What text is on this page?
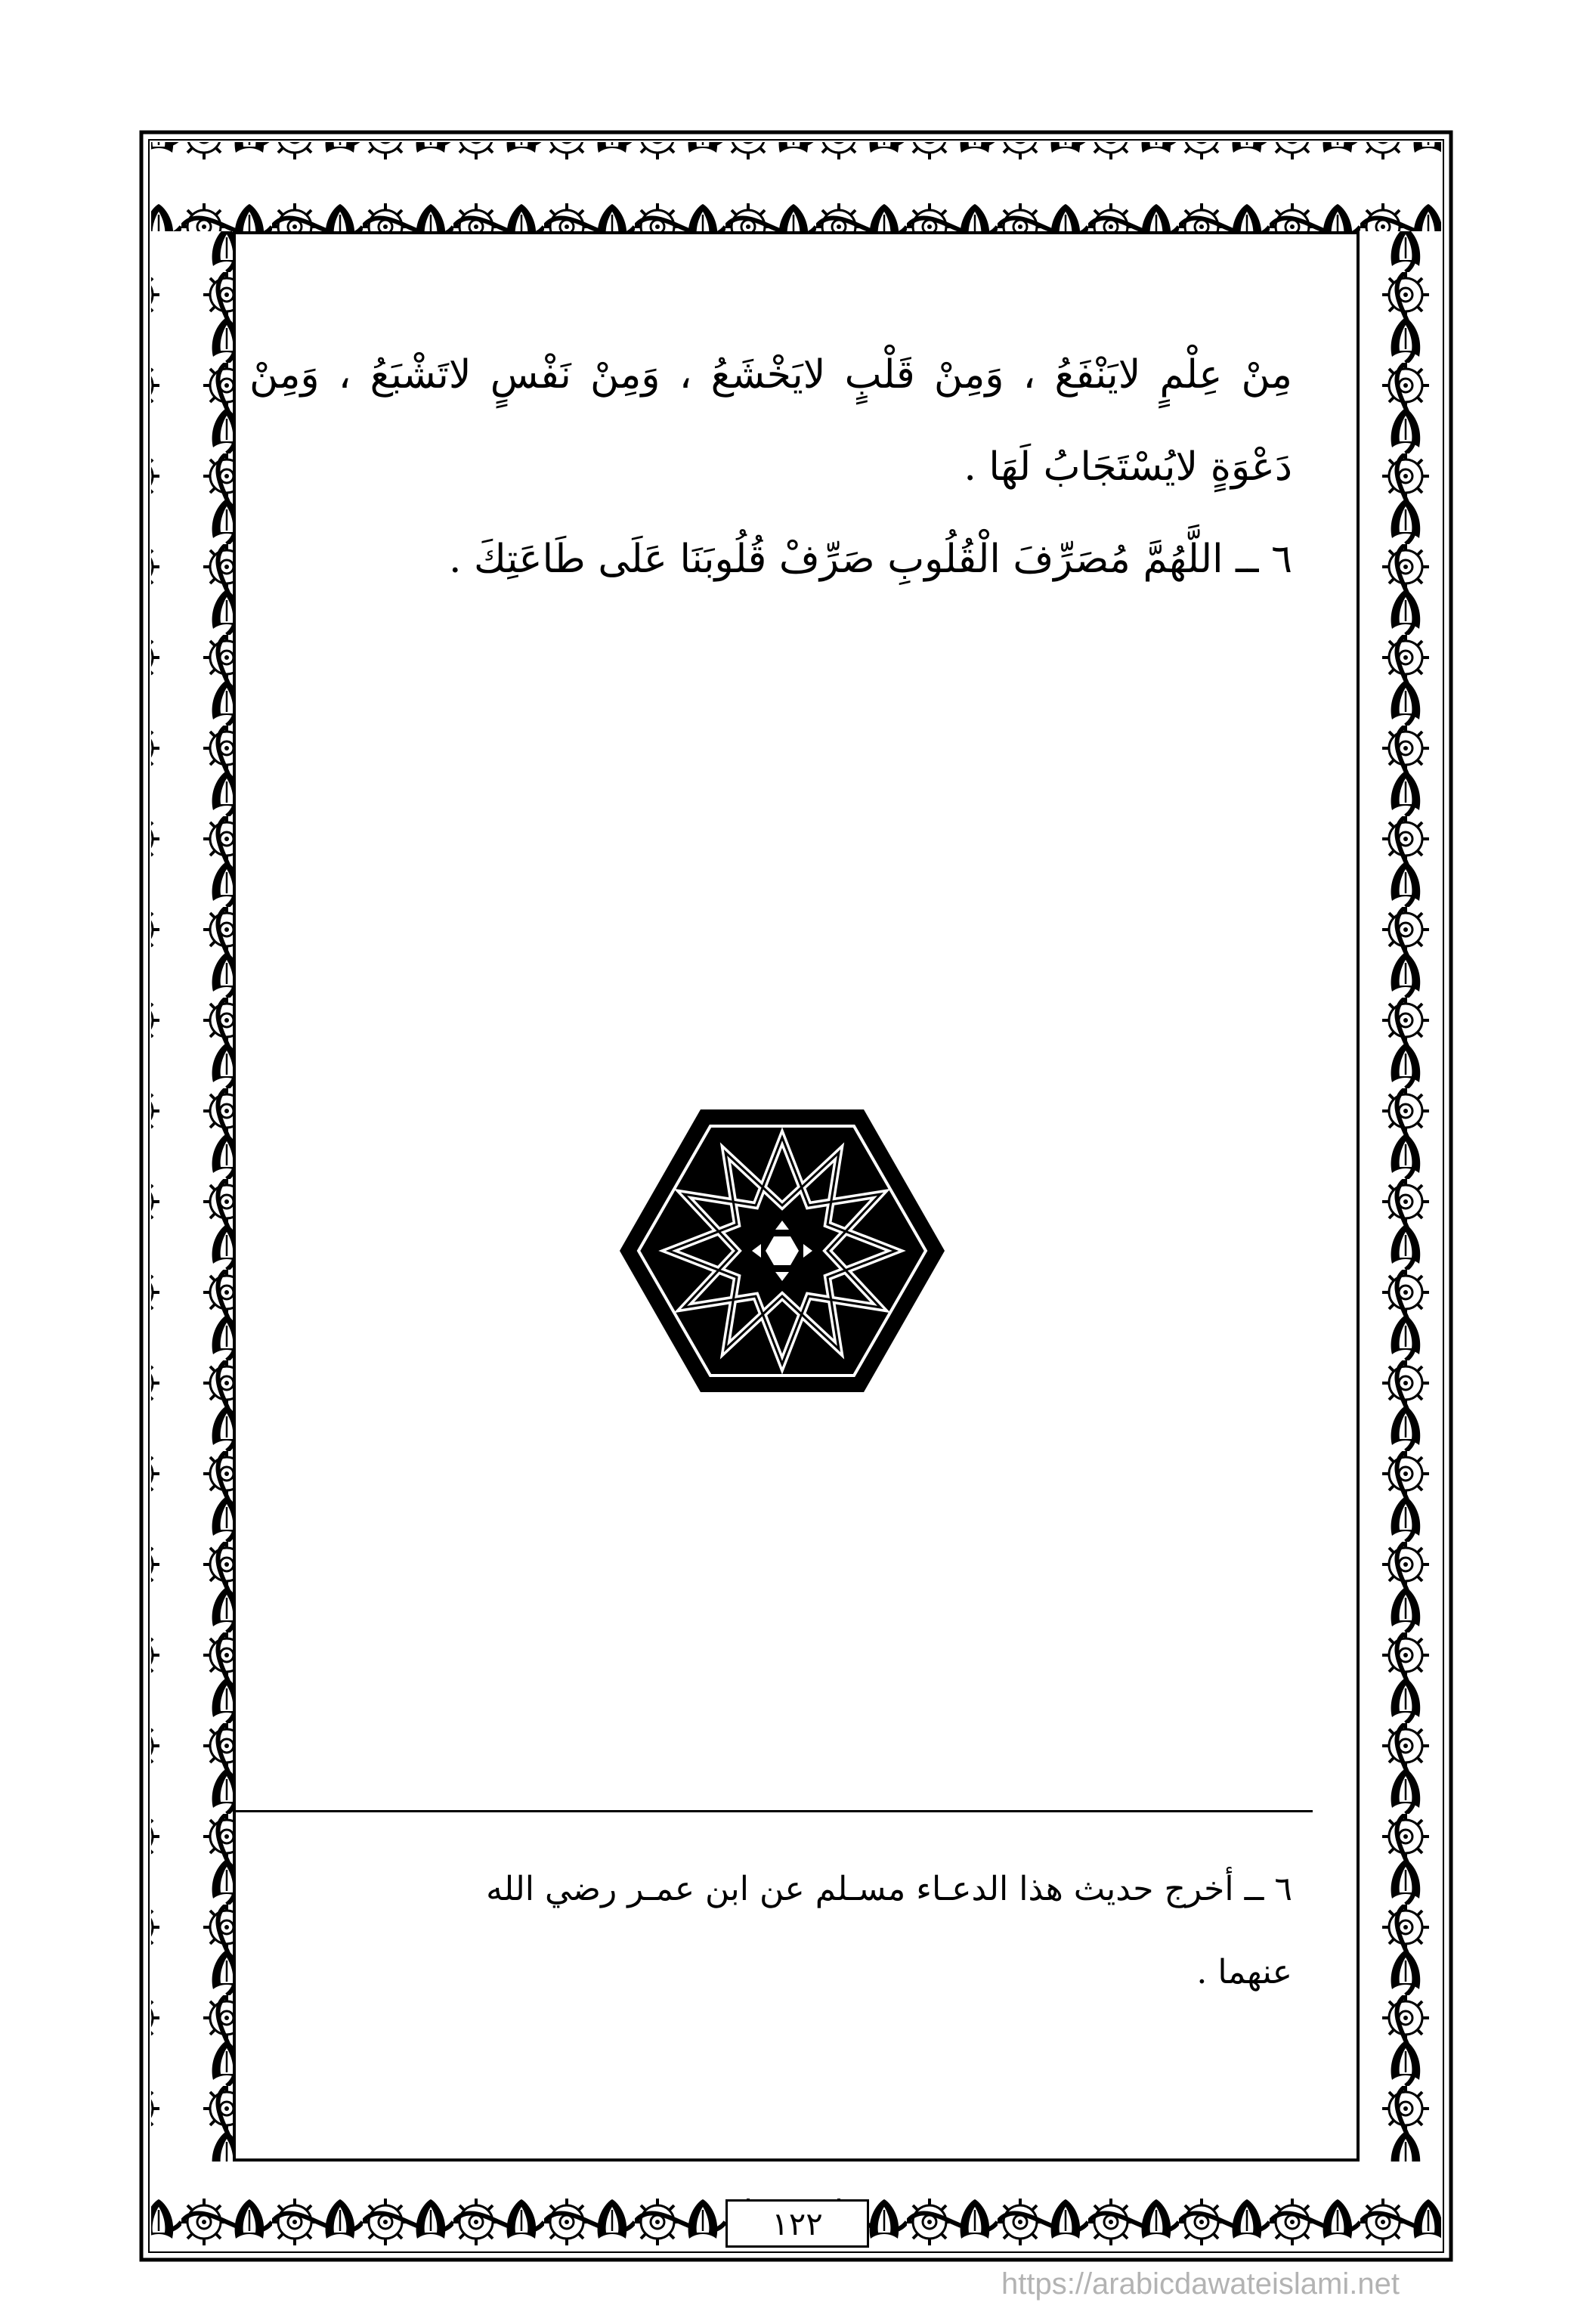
مِنْ عِلْمٍ لايَنْفَعُ ، وَمِنْ قَلْبٍ لايَخْشَعُ ، وَمِنْ نَفْسٍ لاتَشْبَعُ ، وَمِنْ

دَعْوَةٍ لايُسْتَجَابُ لَهَا .

٦ ــ اللَّهُمَّ مُصَرِّفَ الْقُلُوبِ صَرِّفْ قُلُوبَنَا عَلَى طَاعَتِكَ .

٦ ــ أخرج حديث هذا الدعـاء مسـلم عن ابن عمـر رضي الله

عنهما .

١٢٢
https://arabicdawateislami.net
